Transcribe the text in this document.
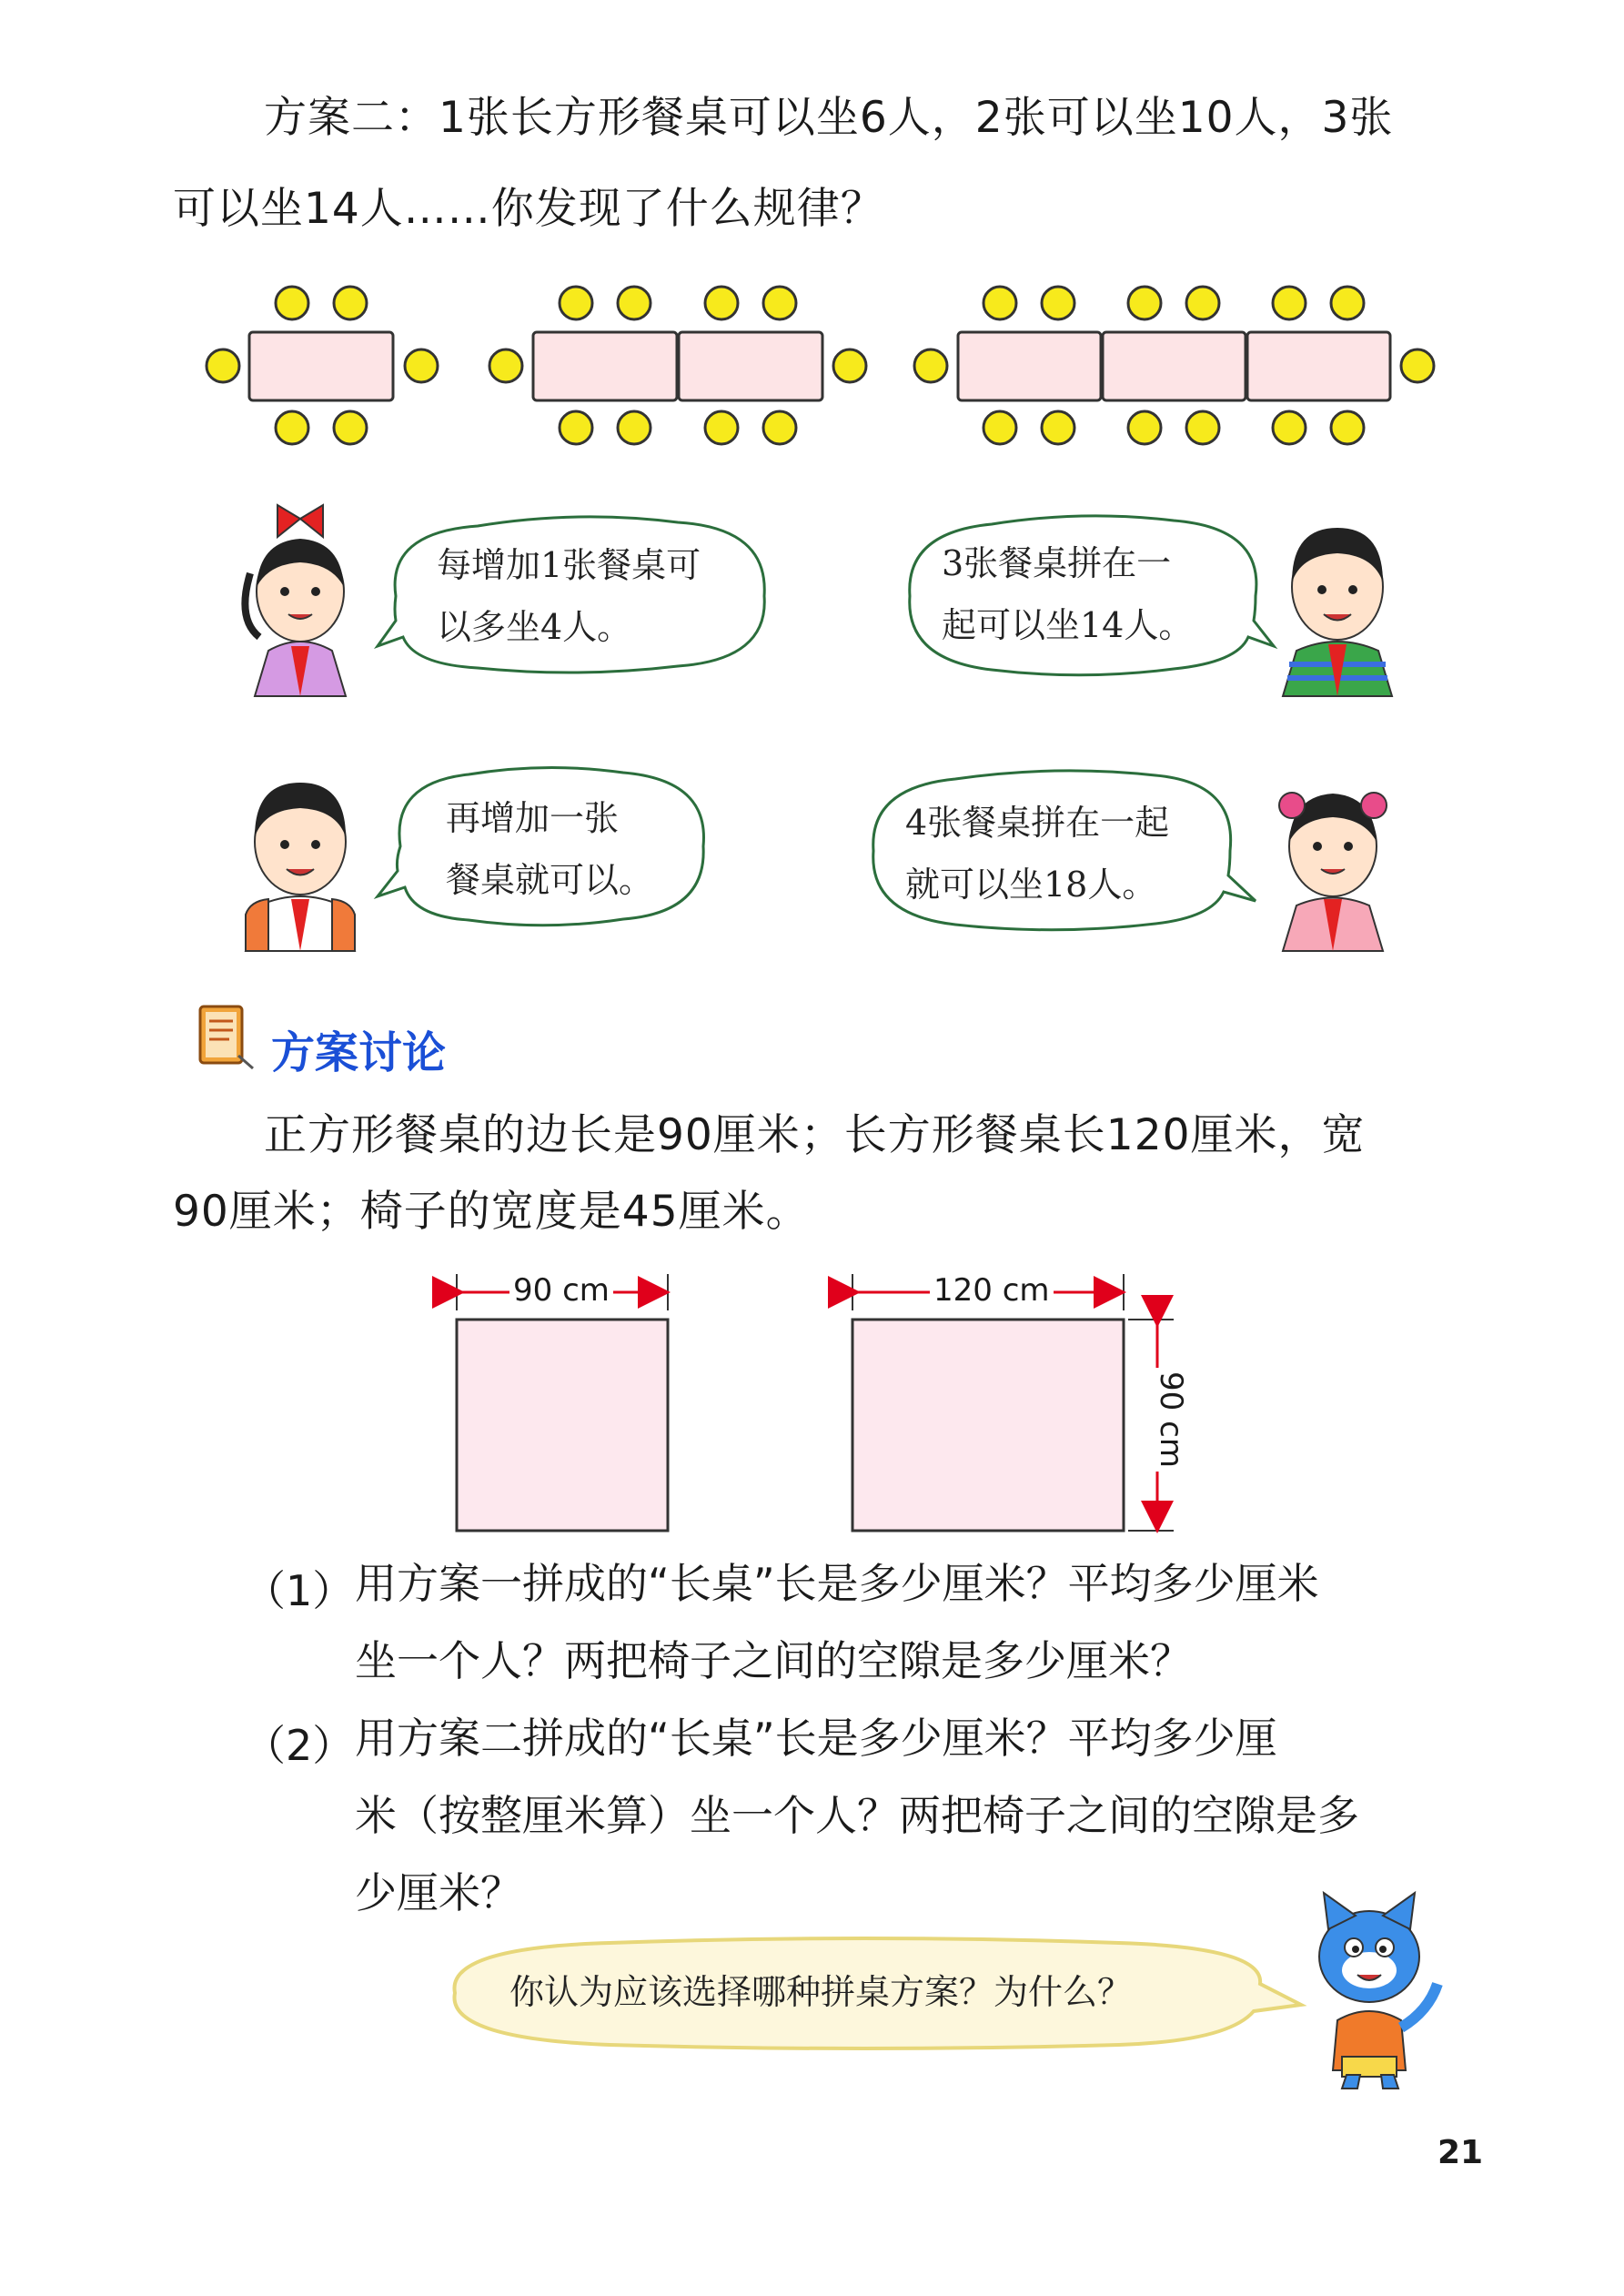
方案二：1张长方形餐桌可以坐6人，2张可以坐10人，3张
可以坐14人……你发现了什么规律？
每增加1张餐桌可
以多坐4人。
3张餐桌拼在一
起可以坐14人。
再增加一张
餐桌就可以。
4张餐桌拼在一起
就可以坐18人。
方案讨论
正方形餐桌的边长是90厘米；长方形餐桌长120厘米，宽
90厘米；椅子的宽度是45厘米。
90 cm	120 cm
90 cm
（1） 用方案一拼成的“长桌”长是多少厘米？平均多少厘米
坐一个人？两把椅子之间的空隙是多少厘米？
（2） 用方案二拼成的“长桌”长是多少厘米？平均多少厘
米（按整厘米算）坐一个人？两把椅子之间的空隙是多
少厘米？
你认为应该选择哪种拼桌方案？为什么？
21
